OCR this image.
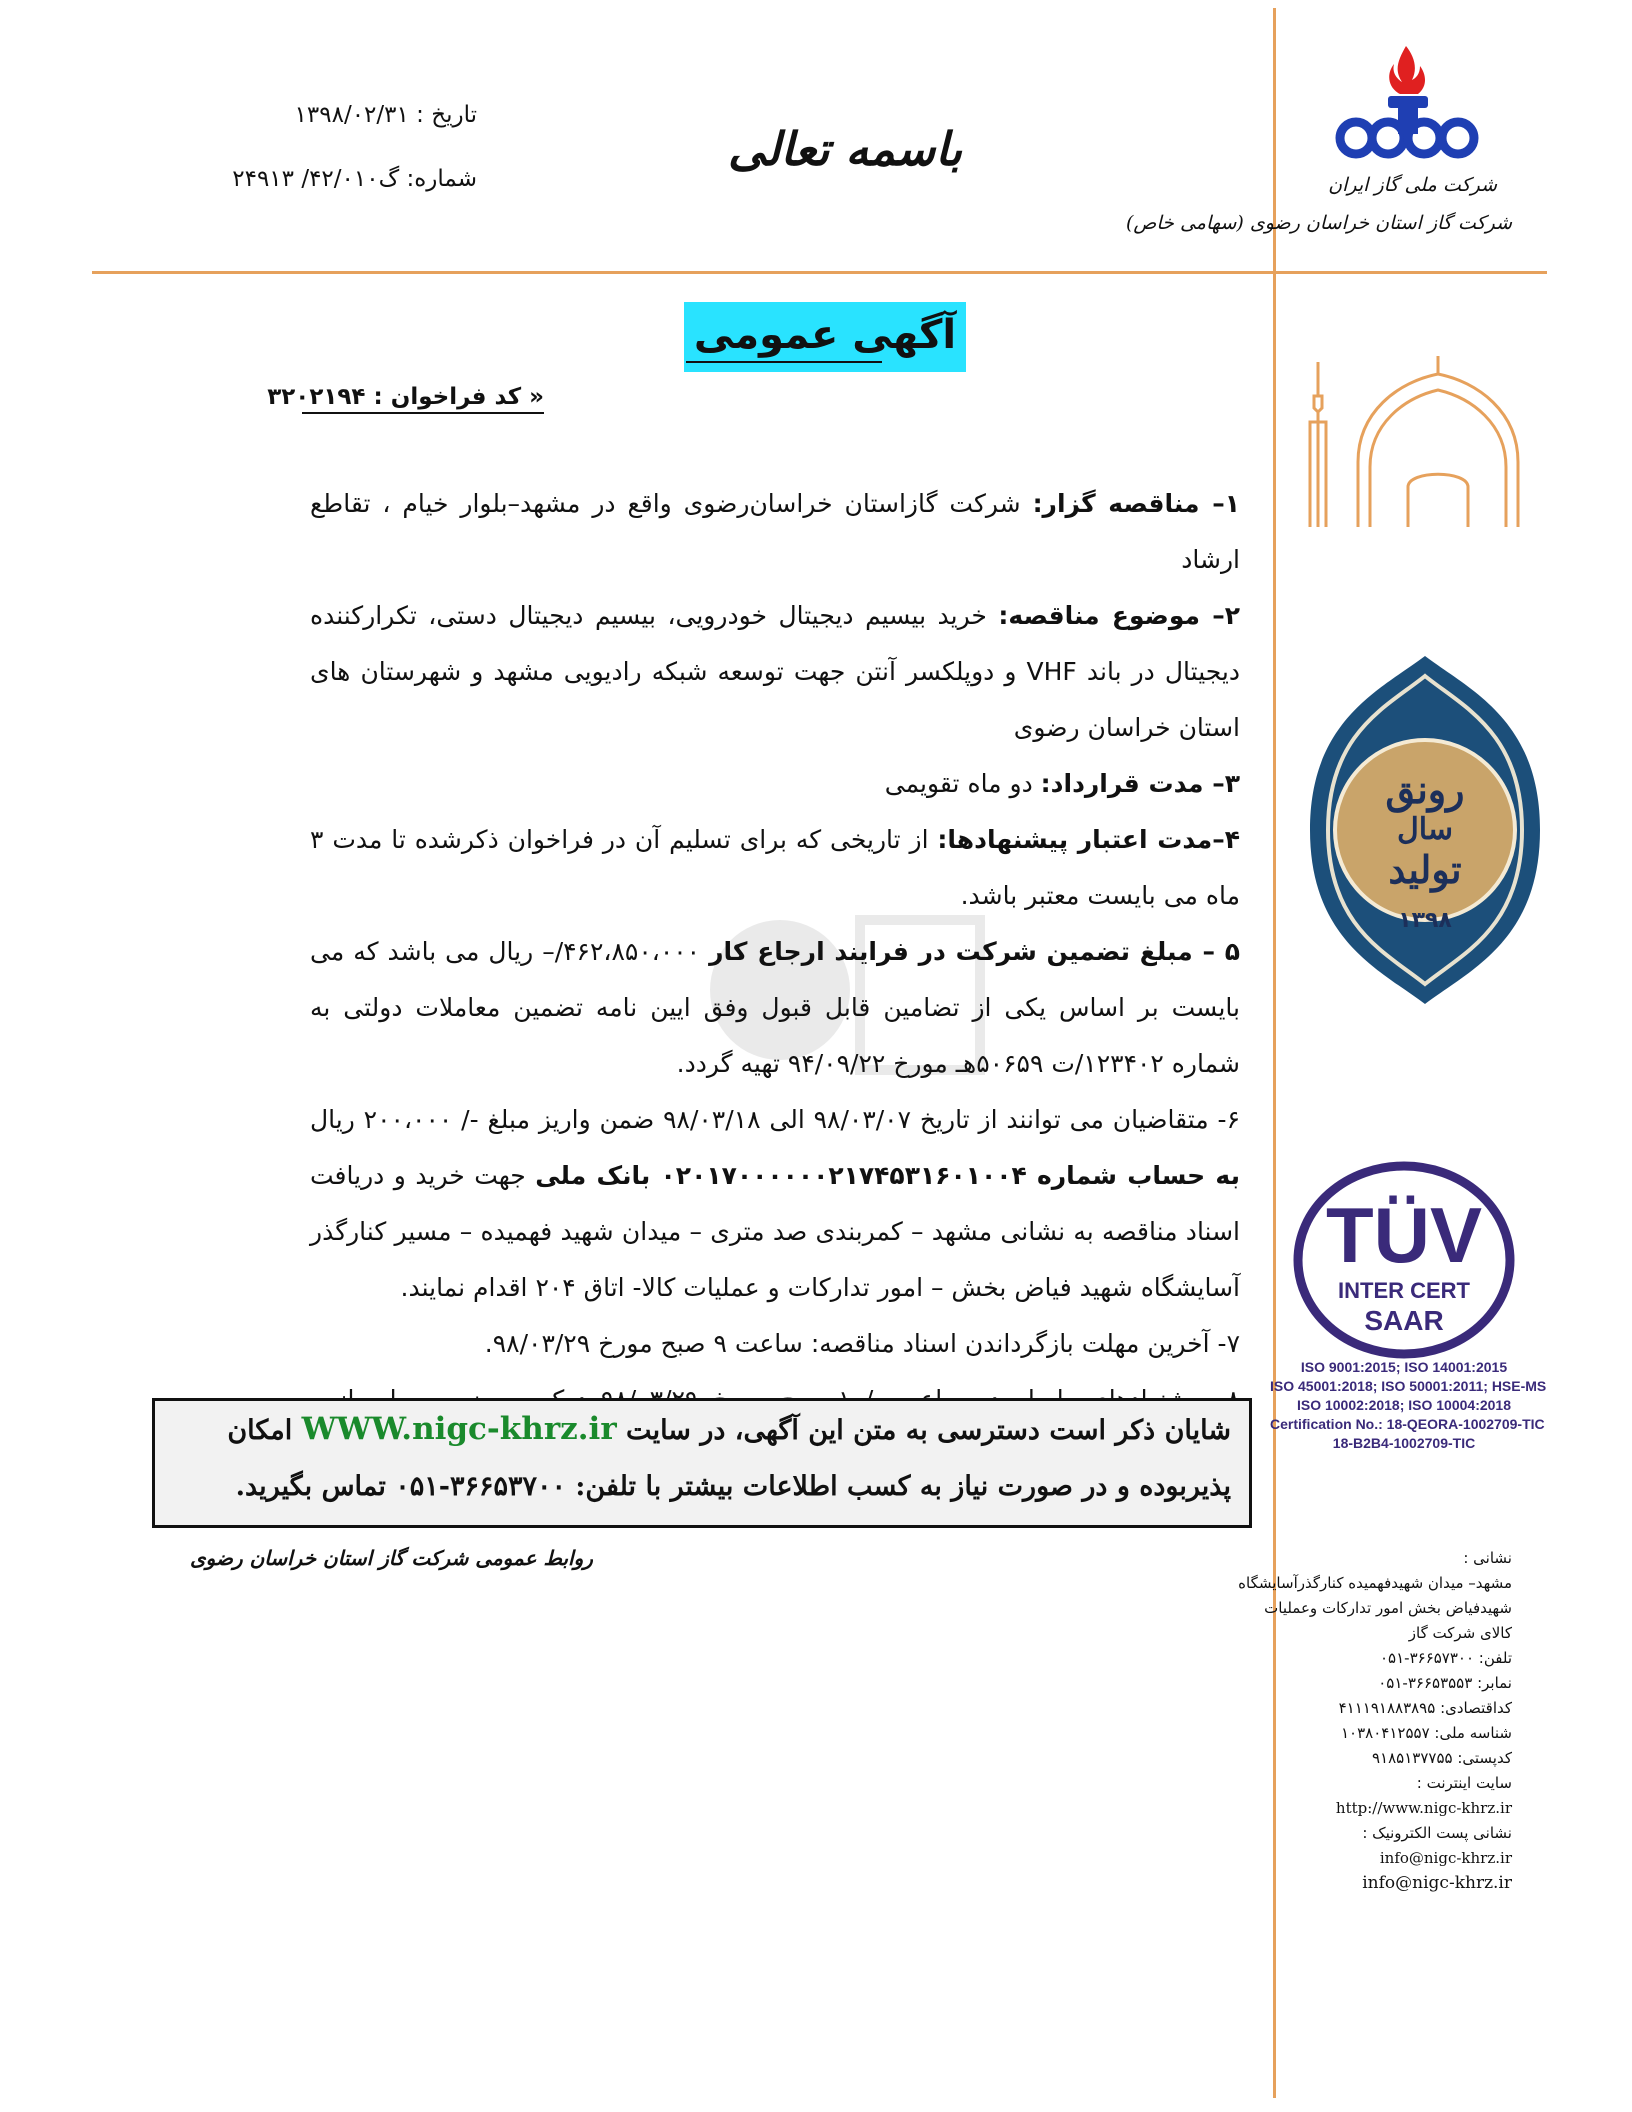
تاریخ : ۱۳۹۸/۰۲/۳۱
شماره: گ۴۲/۰۱۰/ ۲۴۹۱۳
باسمه تعالی
شرکت ملی گاز ایران
شرکت گاز استان خراسان رضوی (سهامی خاص)
رونق
سال
تولید
۱۳۹۸
TÜV
INTER CERT
SAAR
ISO 9001:2015; ISO 14001:2015
ISO 45001:2018; ISO 50001:2011; HSE-MS
ISO 10002:2018; ISO 10004:2018
Certification No.: 18-QEORA-1002709-TIC
18-B2B4-1002709-TIC
آگهی عمومی
« کد فراخوان : ۳۲۰۲۱۹۴

۱– مناقصه گزار: شرکت گازاستان خراسان‌رضوی واقع در مشهد–بلوار خیام ، تقاطع ارشاد

۲– موضوع مناقصه: خرید بیسیم دیجیتال خودرویی، بیسیم دیجیتال دستی، تکرارکننده دیجیتال در باند VHF و دوپلکسر آنتن جهت توسعه شبکه رادیویی مشهد و شهرستان های استان خراسان رضوی

۳– مدت قرارداد: دو ماه تقویمی

۴–مدت اعتبار پیشنهادها: از تاریخی که برای تسلیم آن در فراخوان ذکرشده تا مدت ۳ ماه می بایست معتبر باشد.

۵ – مبلغ تضمین شرکت در فرایند ارجاع کار ۴۶۲،۸۵۰،۰۰۰/– ریال می باشد که می بایست بر اساس یکی از تضامین قابل قبول وفق ایین نامه تضمین معاملات دولتی به شماره ۱۲۳۴۰۲/ت ۵۰۶۵۹هـ مورخ ۹۴/۰۹/۲۲ تهیه گردد.

۶- متقاضیان می توانند از تاریخ ۹۸/۰۳/۰۷ الی ۹۸/۰۳/۱۸ ضمن واریز مبلغ -/ ۲۰۰،۰۰۰ ریال به حساب شماره ۰۲۰۱۷۰۰۰۰۰۰۲۱۷۴۵۳۱۶۰۱۰۰۴ بانک ملی جهت خرید و دریافت اسناد مناقصه به نشانی مشهد – کمربندی صد متری – میدان شهید فهمیده – مسیر کنارگذر آسایشگاه شهید فیاض بخش – امور تدارکات و عملیات کالا- اتاق ۲۰۴ اقدام نمایند.

۷- آخرین مهلت بازگرداندن اسناد مناقصه: ساعت ۹ صبح مورخ ۹۸/۰۳/۲۹.

شایان ذکر است دسترسی به متن این آگهی، در سایت WWW.nigc-khrz.ir امکان

پذیربوده و در صورت نیاز به کسب اطلاعات بیشتر با تلفن: ۳۶۶۵۳۷۰۰-۰۵۱ تماس بگیرید.

روابط عمومی شرکت گاز استان خراسان رضوی	نشانی :
مشهد– میدان شهیدفهمیده کنارگذرآسایشگاه
شهیدفیاض بخش امور تدارکات وعملیات
کالای شرکت گاز
تلفن: ۳۶۶۵۷۳۰۰-۰۵۱
نمابر: ۳۶۶۵۳۵۵۳-۰۵۱
کداقتصادی: ۴۱۱۱۹۱۸۸۳۸۹۵
شناسه ملی: ۱۰۳۸۰۴۱۲۵۵۷
کدپستی: ۹۱۸۵۱۳۷۷۵۵
سایت اینترنت :
http://www.nigc-khrz.ir
نشانی پست الکترونیک :
info@nigc-khrz.ir
info@nigc-khrz.ir
